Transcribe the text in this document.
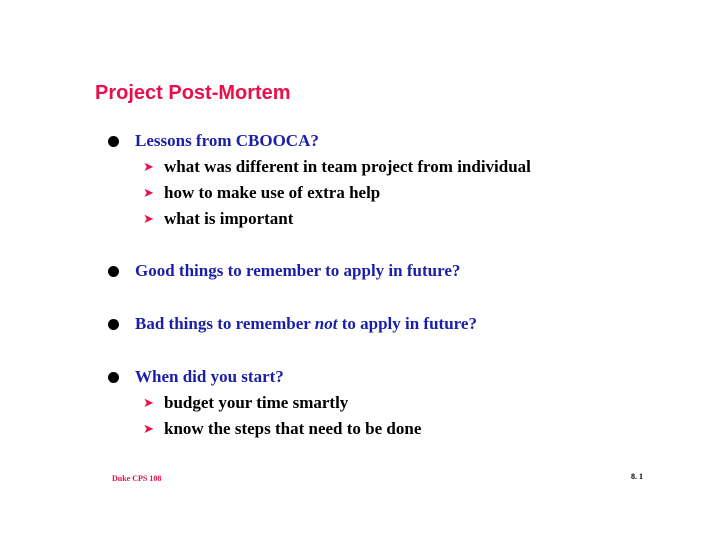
Project Post-Mortem
Lessons from CBOOCA?
➤ what was different in team project from individual
➤ how to make use of extra help
➤ what is important
Good things to remember to apply in future?
Bad things to remember not to apply in future?
When did you start?
➤ budget your time smartly
➤ know the steps that need to be done
Duke CPS 108	8. 1
